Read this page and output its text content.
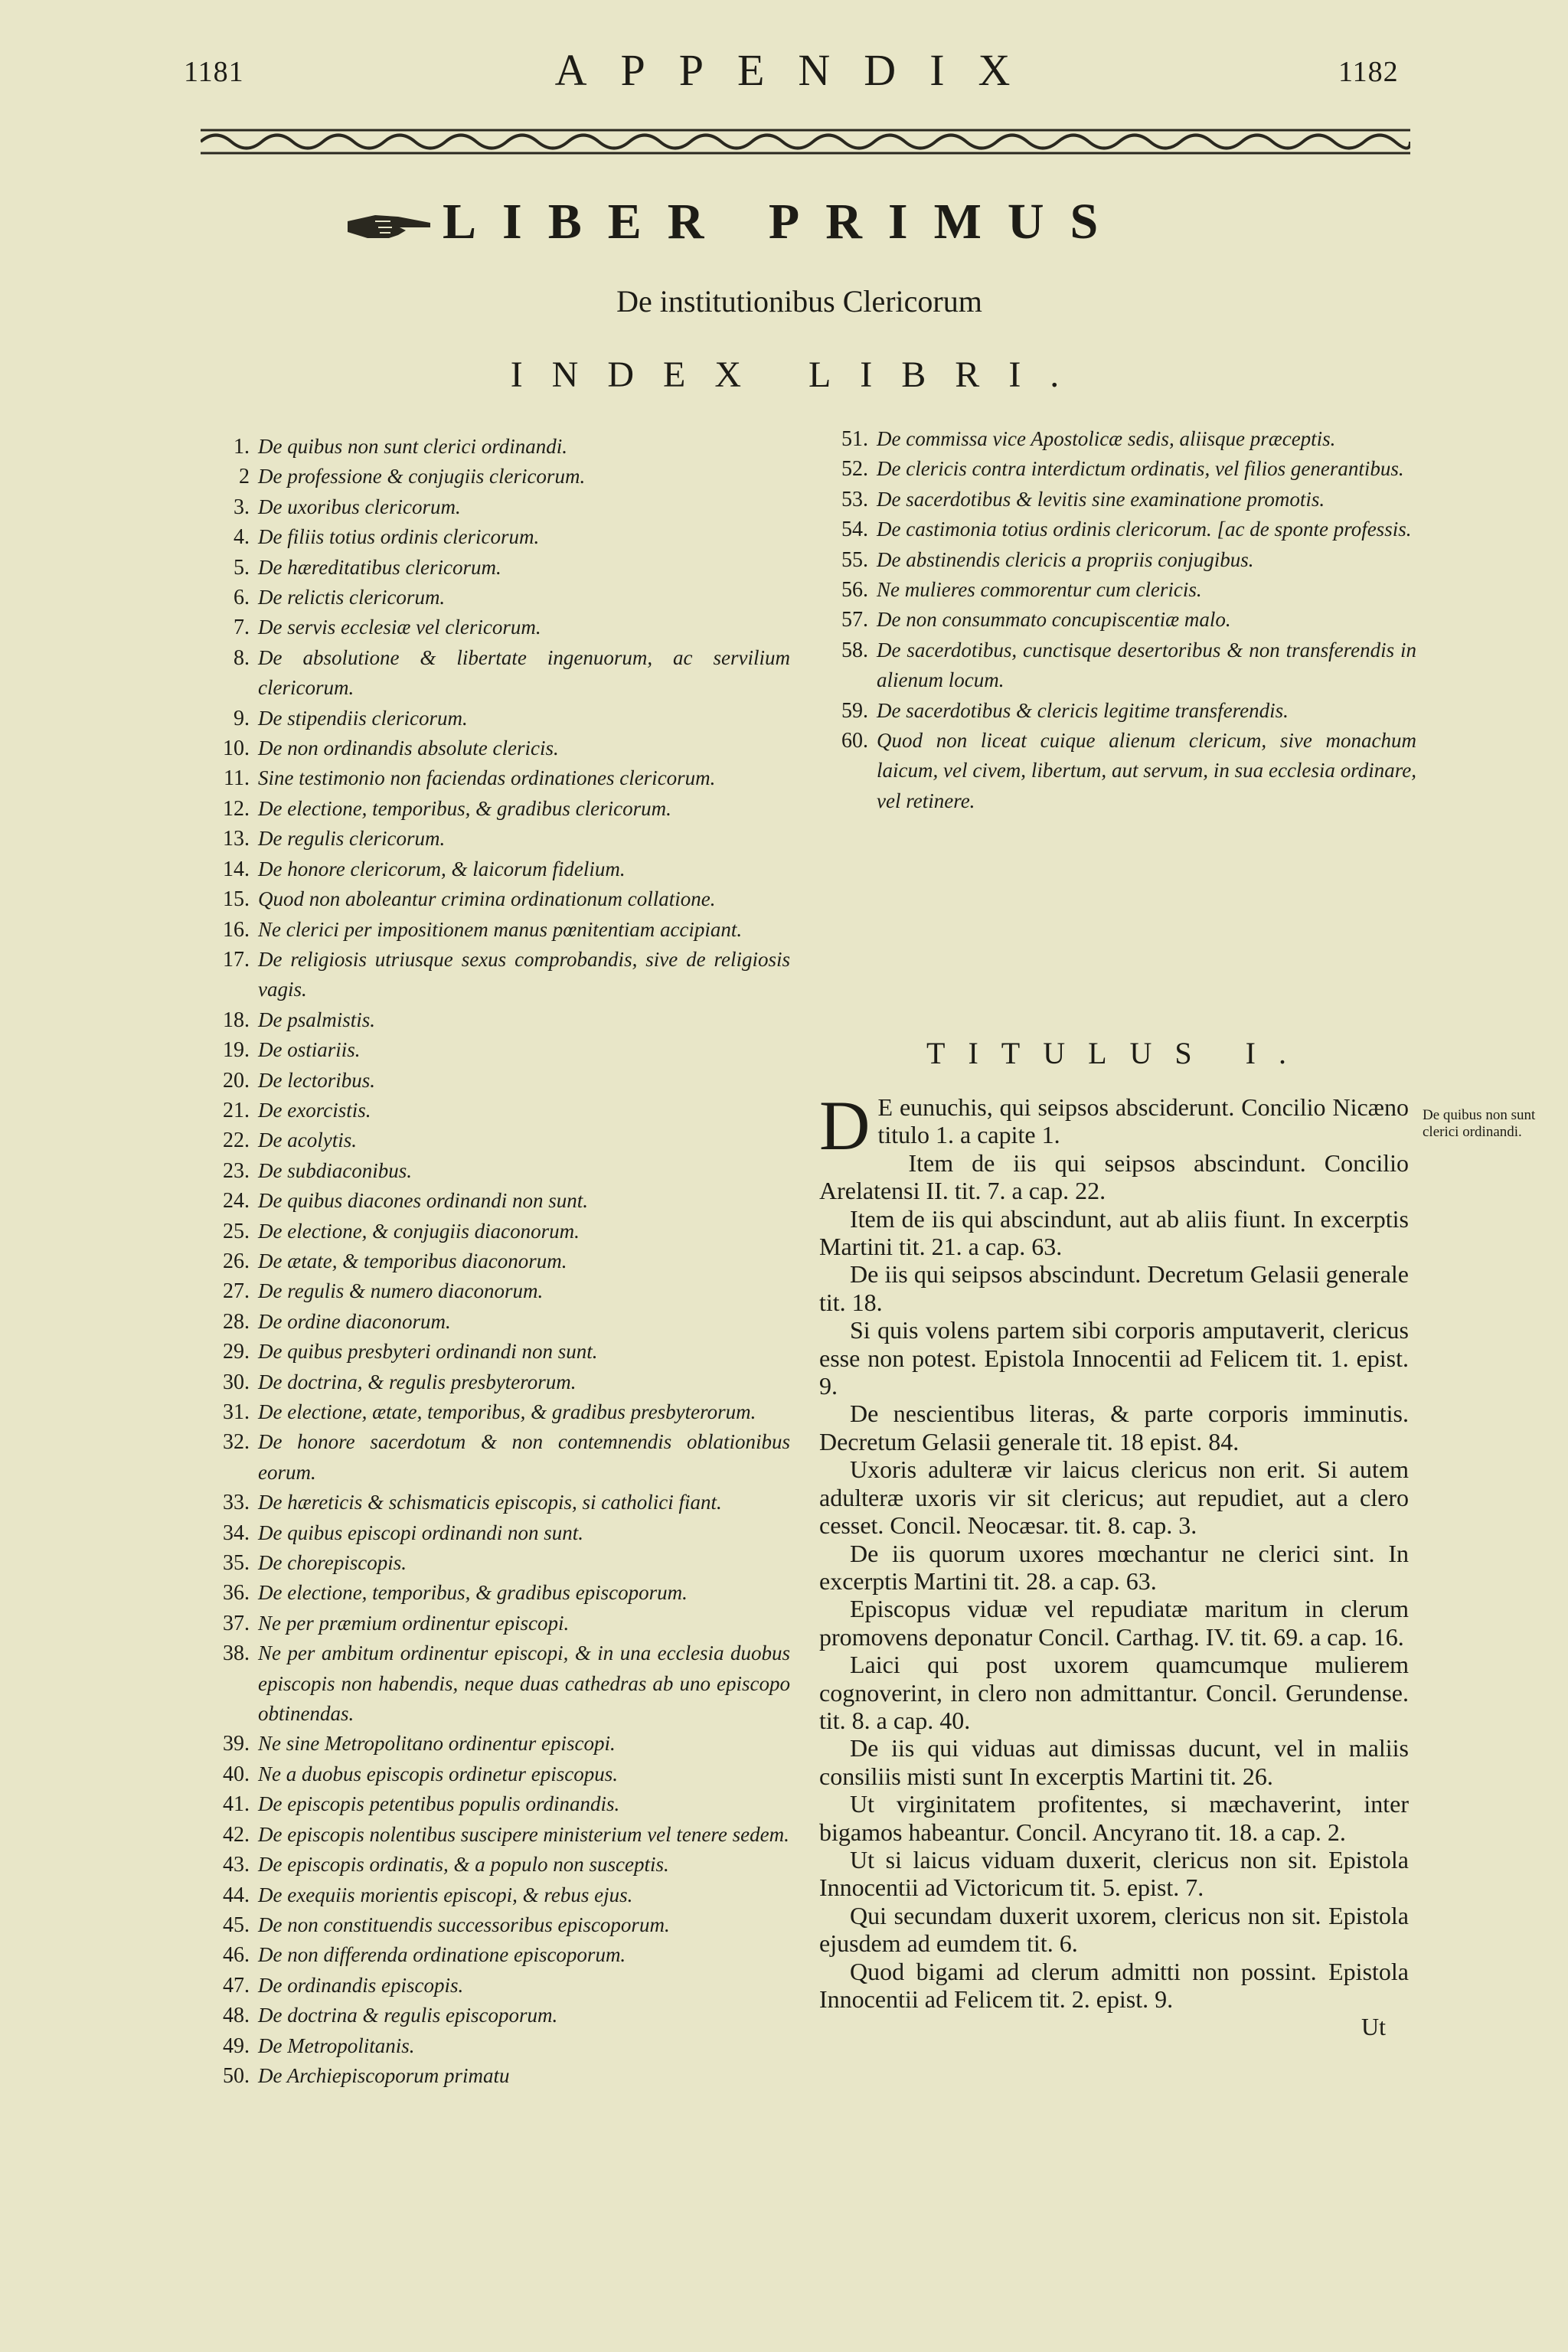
1181	APPENDIX	1182
LIBER PRIMUS
De institutionibus Clericorum
INDEX LIBRI.
1. De quibus non sunt clerici ordinandi.
2 De professione & conjugiis clericorum.
3. De uxoribus clericorum.
4. De filiis totius ordinis clericorum.
5. De hæreditatibus clericorum.
6. De relictis clericorum.
7. De servis ecclesiæ vel clericorum.
8. De absolutione & libertate ingenuorum, ac servilium clericorum.
9. De stipendiis clericorum.
10. De non ordinandis absolute clericis.
11. Sine testimonio non faciendas ordinationes clericorum.
12. De electione, temporibus, & gradibus clericorum.
13. De regulis clericorum.
14. De honore clericorum, & laicorum fidelium.
15. Quod non aboleantur crimina ordinationum collatione.
16. Ne clerici per impositionem manus pœnitentiam accipiant.
17. De religiosis utriusque sexus comprobandis, sive de religiosis vagis.
18. De psalmistis.
19. De ostiariis.
20. De lectoribus.
21. De exorcistis.
22. De acolytis.
23. De subdiaconibus.
24. De quibus diacones ordinandi non sunt.
25. De electione, & conjugiis diaconorum.
26. De ætate, & temporibus diaconorum.
27. De regulis & numero diaconorum.
28. De ordine diaconorum.
29. De quibus presbyteri ordinandi non sunt.
30. De doctrina, & regulis presbyterorum.
31. De electione, ætate, temporibus, & gradibus presbyterorum.
32. De honore sacerdotum & non contemnendis oblationibus eorum.
33. De hæreticis & schismaticis episcopis, si catholici fiant.
34. De quibus episcopi ordinandi non sunt.
35. De chorepiscopis.
36. De electione, temporibus, & gradibus episcoporum.
37. Ne per præmium ordinentur episcopi.
38. Ne per ambitum ordinentur episcopi, & in una ecclesia duobus episcopis non habendis, neque duas cathedras ab uno episcopo obtinendas.
39. Ne sine Metropolitano ordinentur episcopi.
40. Ne a duobus episcopis ordinetur episcopus.
41. De episcopis petentibus populis ordinandis.
42. De episcopis nolentibus suscipere ministerium vel tenere sedem.
43. De episcopis ordinatis, & a populo non susceptis.
44. De exequiis morientis episcopi, & rebus ejus.
45. De non constituendis successoribus episcoporum.
46. De non differenda ordinatione episcoporum.
47. De ordinandis episcopis.
48. De doctrina & regulis episcoporum.
49. De Metropolitanis.
50. De Archiepiscoporum primatu
51. De commissa vice Apostolicæ sedis, aliisque præceptis.
52. De clericis contra interdictum ordinatis, vel filios generantibus.
53. De sacerdotibus & levitis sine examinatione promotis.
54. De castimonia totius ordinis clericorum. [ac de sponte professis.
55. De abstinendis clericis a propriis conjugibus.
56. Ne mulieres commorentur cum clericis.
57. De non consummato concupiscentiæ malo.
58. De sacerdotibus, cunctisque desertoribus & non transferendis in alienum locum.
59. De sacerdotibus & clericis legitime transferendis.
60. Quod non liceat cuique alienum clericum, sive monachum laicum, vel civem, libertum, aut servum, in sua ecclesia ordinare, vel retinere.
TITULUS I.

D E eunuchis, qui seipsos absciderunt. Concilio Nicæno titulo 1. a capite 1.

Item de iis qui seipsos abscindunt. Concilio Arelatensi II. tit. 7. a cap. 22.

Item de iis qui abscindunt, aut ab aliis fiunt. In excerptis Martini tit. 21. a cap. 63.

De iis qui seipsos abscindunt. Decretum Gelasii generale tit. 18.

Si quis volens partem sibi corporis amputaverit, clericus esse non potest. Epistola Innocentii ad Felicem tit. 1. epist. 9.

De nescientibus literas, & parte corporis imminutis. Decretum Gelasii generale tit. 18 epist. 84.

Uxoris adulteræ vir laicus clericus non erit. Si autem adulteræ uxoris vir sit clericus; aut repudiet, aut a clero cesset. Concil. Neocæsar. tit. 8. cap. 3.

De iis quorum uxores mœchantur ne clerici sint. In excerptis Martini tit. 28. a cap. 63.

Episcopus viduæ vel repudiatæ maritum in clerum promovens deponatur Concil. Carthag. IV. tit. 69. a cap. 16.

Laici qui post uxorem quamcumque mulierem cognoverint, in clero non admittantur. Concil. Gerundense. tit. 8. a cap. 40.

De iis qui viduas aut dimissas ducunt, vel in maliis consiliis misti sunt In excerptis Martini tit. 26.

Ut virginitatem profitentes, si mæchaverint, inter bigamos habeantur. Concil. Ancyrano tit. 18. a cap. 2.

Ut si laicus viduam duxerit, clericus non sit. Epistola Innocentii ad Victoricum tit. 5. epist. 7.

Qui secundam duxerit uxorem, clericus non sit. Epistola ejusdem ad eumdem tit. 6.

Quod bigami ad clerum admitti non possint. Epistola Innocentii ad Felicem tit. 2. epist. 9.

Ut

De quibus non sunt clerici ordinandi.
